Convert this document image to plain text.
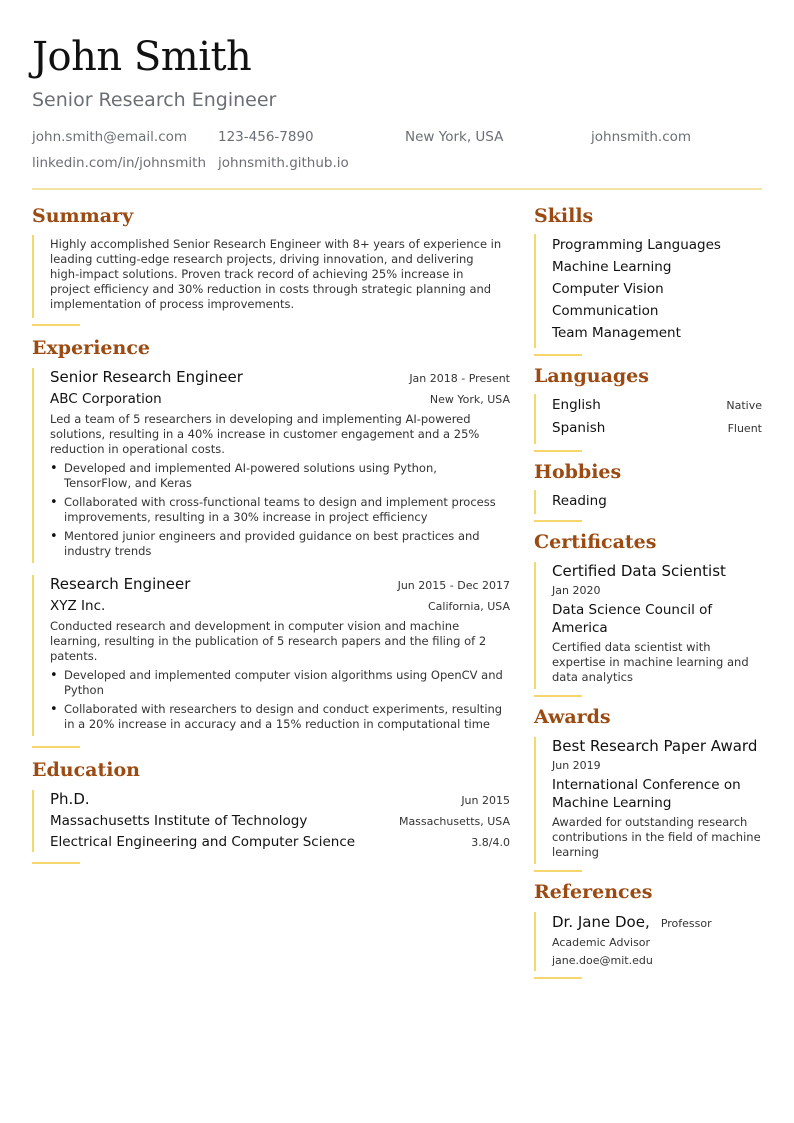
John Smith
Senior Research Engineer
john.smith@email.com 123-456-7890	New York, USA	johnsmith.com
linkedin.com/in/johnsmith johnsmith.github.io
Summary
Highly accomplished Senior Research Engineer with 8+ years of experience in leading cutting-edge research projects, driving innovation, and delivering high-impact solutions. Proven track record of achieving 25% increase in project efficiency and 30% reduction in costs through strategic planning and implementation of process improvements.
Experience
Senior Research Engineer	Jan 2018 - Present
ABC Corporation	New York, USA
Led a team of 5 researchers in developing and implementing AI-powered solutions, resulting in a 40% increase in customer engagement and a 25% reduction in operational costs.
• Developed and implemented AI-powered solutions using Python, TensorFlow, and Keras
• Collaborated with cross-functional teams to design and implement process improvements, resulting in a 30% increase in project efficiency
• Mentored junior engineers and provided guidance on best practices and industry trends
Research Engineer	Jun 2015 - Dec 2017
XYZ Inc.	California, USA
Conducted research and development in computer vision and machine learning, resulting in the publication of 5 research papers and the filing of 2 patents.
• Developed and implemented computer vision algorithms using OpenCV and Python
• Collaborated with researchers to design and conduct experiments, resulting in a 20% increase in accuracy and a 15% reduction in computational time
Education
Ph.D.	Jun 2015
Massachusetts Institute of Technology	Massachusetts, USA
Electrical Engineering and Computer Science	3.8/4.0
Skills
Programming Languages
Machine Learning
Computer Vision
Communication
Team Management
Languages
English	Native
Spanish	Fluent
Hobbies
Reading
Certificates
Certified Data Scientist
Jan 2020
Data Science Council of America
Certified data scientist with expertise in machine learning and data analytics
Awards
Best Research Paper Award
Jun 2019
International Conference on Machine Learning
Awarded for outstanding research contributions in the field of machine learning
References
Dr. Jane Doe, Professor
Academic Advisor
jane.doe@mit.edu
